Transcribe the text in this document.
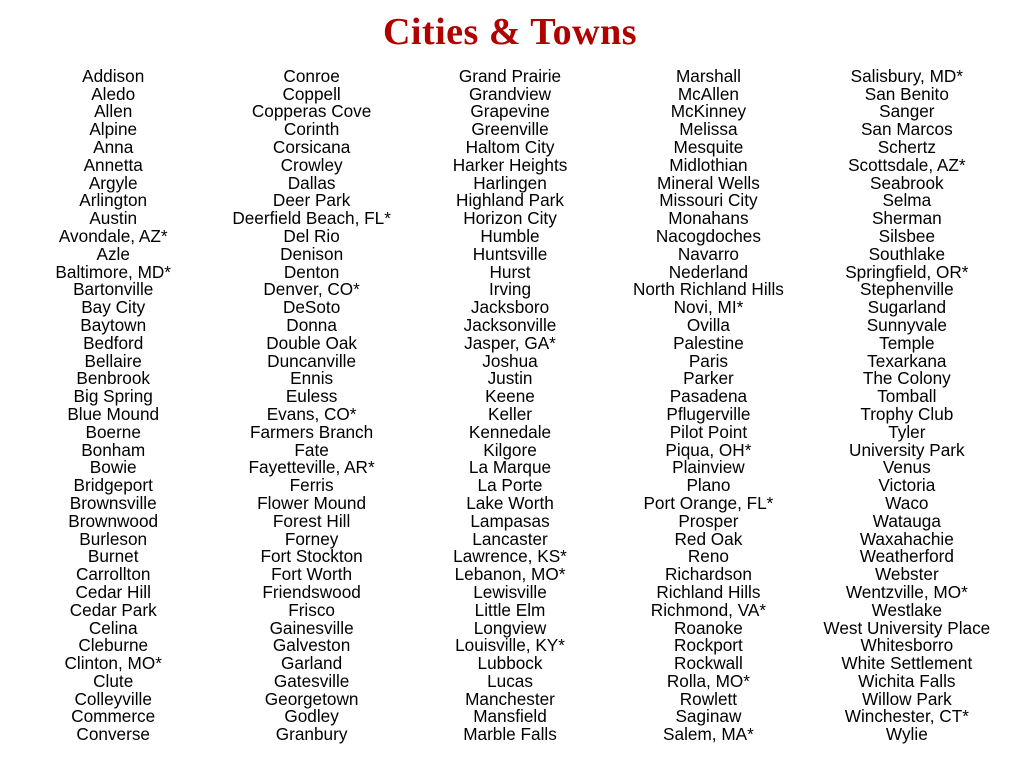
Cities & Towns
Addison
Aledo
Allen
Alpine
Anna
Annetta
Argyle
Arlington
Austin
Avondale, AZ*
Azle
Baltimore, MD*
Bartonville
Bay City
Baytown
Bedford
Bellaire
Benbrook
Big Spring
Blue Mound
Boerne
Bonham
Bowie
Bridgeport
Brownsville
Brownwood
Burleson
Burnet
Carrollton
Cedar Hill
Cedar Park
Celina
Cleburne
Clinton, MO*
Clute
Colleyville
Commerce
Converse
Conroe
Coppell
Copperas Cove
Corinth
Corsicana
Crowley
Dallas
Deer Park
Deerfield Beach, FL*
Del Rio
Denison
Denton
Denver, CO*
DeSoto
Donna
Double Oak
Duncanville
Ennis
Euless
Evans, CO*
Farmers Branch
Fate
Fayetteville, AR*
Ferris
Flower Mound
Forest Hill
Forney
Fort Stockton
Fort Worth
Friendswood
Frisco
Gainesville
Galveston
Garland
Gatesville
Georgetown
Godley
Granbury
Grand Prairie
Grandview
Grapevine
Greenville
Haltom City
Harker Heights
Harlingen
Highland Park
Horizon City
Humble
Huntsville
Hurst
Irving
Jacksboro
Jacksonville
Jasper, GA*
Joshua
Justin
Keene
Keller
Kennedale
Kilgore
La Marque
La Porte
Lake Worth
Lampasas
Lancaster
Lawrence, KS*
Lebanon, MO*
Lewisville
Little Elm
Longview
Louisville, KY*
Lubbock
Lucas
Manchester
Mansfield
Marble Falls
Marshall
McAllen
McKinney
Melissa
Mesquite
Midlothian
Mineral Wells
Missouri City
Monahans
Nacogdoches
Navarro
Nederland
North Richland Hills
Novi, MI*
Ovilla
Palestine
Paris
Parker
Pasadena
Pflugerville
Pilot Point
Piqua, OH*
Plainview
Plano
Port Orange, FL*
Prosper
Red Oak
Reno
Richardson
Richland Hills
Richmond, VA*
Roanoke
Rockport
Rockwall
Rolla, MO*
Rowlett
Saginaw
Salem, MA*
Salisbury, MD*
San Benito
Sanger
San Marcos
Schertz
Scottsdale, AZ*
Seabrook
Selma
Sherman
Silsbee
Southlake
Springfield, OR*
Stephenville
Sugarland
Sunnyvale
Temple
Texarkana
The Colony
Tomball
Trophy Club
Tyler
University Park
Venus
Victoria
Waco
Watauga
Waxahachie
Weatherford
Webster
Wentzville, MO*
Westlake
West University Place
Whitesborro
White Settlement
Wichita Falls
Willow Park
Winchester, CT*
Wylie
